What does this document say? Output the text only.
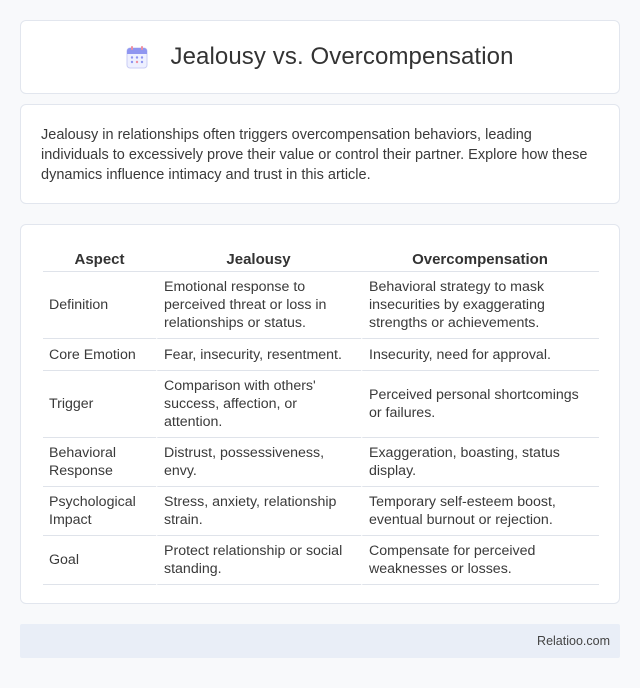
Jealousy vs. Overcompensation

Jealousy in relationships often triggers overcompensation behaviors, leading individuals to excessively prove their value or control their partner. Explore how these dynamics influence intimacy and trust in this article.

Aspect	Jealousy	Overcompensation
Definition	Emotional response to perceived threat or loss in relationships or status.	Behavioral strategy to mask insecurities by exaggerating strengths or achievements.
Core Emotion	Fear, insecurity, resentment.	Insecurity, need for approval.
Trigger	Comparison with others' success, affection, or attention.	Perceived personal shortcomings or failures.
Behavioral Response	Distrust, possessiveness, envy.	Exaggeration, boasting, status display.
Psychological Impact	Stress, anxiety, relationship strain.	Temporary self-esteem boost, eventual burnout or rejection.
Goal	Protect relationship or social standing.	Compensate for perceived weaknesses or losses.
Relatioo.com
